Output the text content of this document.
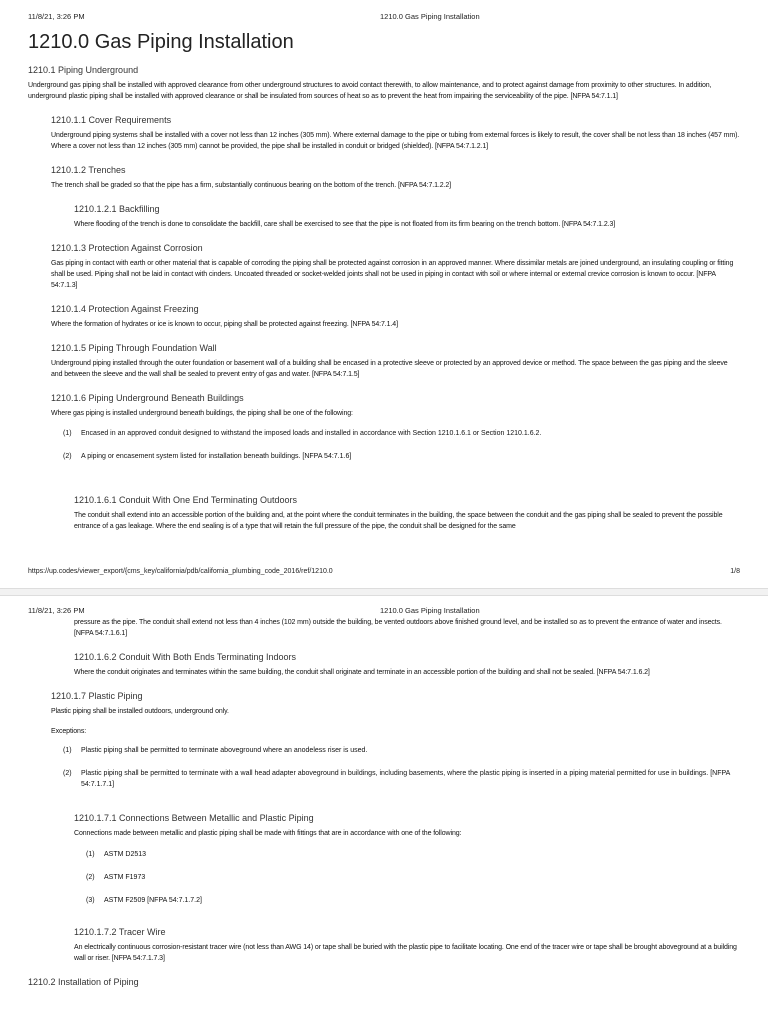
11/8/21, 3:26 PM	1210.0 Gas Piping Installation
1210.0 Gas Piping Installation
1210.1 Piping Underground
Underground gas piping shall be installed with approved clearance from other underground structures to avoid contact therewith, to allow maintenance, and to protect against damage from proximity to other structures. In addition, underground plastic piping shall be installed with approved clearance or shall be insulated from sources of heat so as to prevent the heat from impairing the serviceability of the pipe. [NFPA 54:7.1.1]
1210.1.1 Cover Requirements
Underground piping systems shall be installed with a cover not less than 12 inches (305 mm). Where external damage to the pipe or tubing from external forces is likely to result, the cover shall be not less than 18 inches (457 mm). Where a cover not less than 12 inches (305 mm) cannot be provided, the pipe shall be installed in conduit or bridged (shielded). [NFPA 54:7.1.2.1]
1210.1.2 Trenches
The trench shall be graded so that the pipe has a firm, substantially continuous bearing on the bottom of the trench. [NFPA 54:7.1.2.2]
1210.1.2.1 Backfilling
Where flooding of the trench is done to consolidate the backfill, care shall be exercised to see that the pipe is not floated from its firm bearing on the trench bottom. [NFPA 54:7.1.2.3]
1210.1.3 Protection Against Corrosion
Gas piping in contact with earth or other material that is capable of corroding the piping shall be protected against corrosion in an approved manner. Where dissimilar metals are joined underground, an insulating coupling or fitting shall be used. Piping shall not be laid in contact with cinders. Uncoated threaded or socket-welded joints shall not be used in piping in contact with soil or where internal or external crevice corrosion is known to occur. [NFPA 54:7.1.3]
1210.1.4 Protection Against Freezing
Where the formation of hydrates or ice is known to occur, piping shall be protected against freezing. [NFPA 54:7.1.4]
1210.1.5 Piping Through Foundation Wall
Underground piping installed through the outer foundation or basement wall of a building shall be encased in a protective sleeve or protected by an approved device or method. The space between the gas piping and the sleeve and between the sleeve and the wall shall be sealed to prevent entry of gas and water. [NFPA 54:7.1.5]
1210.1.6 Piping Underground Beneath Buildings
Where gas piping is installed underground beneath buildings, the piping shall be one of the following:
(1)	Encased in an approved conduit designed to withstand the imposed loads and installed in accordance with Section 1210.1.6.1 or Section 1210.1.6.2.
(2)	A piping or encasement system listed for installation beneath buildings. [NFPA 54:7.1.6]
1210.1.6.1 Conduit With One End Terminating Outdoors
The conduit shall extend into an accessible portion of the building and, at the point where the conduit terminates in the building, the space between the conduit and the gas piping shall be sealed to prevent the possible entrance of a gas leakage. Where the end sealing is of a type that will retain the full pressure of the pipe, the conduit shall be designed for the same
https://up.codes/viewer_export/{cms_key/california/pdb/california_plumbing_code_2016/ref/1210.0	1/8
11/8/21, 3:26 PM	1210.0 Gas Piping Installation
pressure as the pipe. The conduit shall extend not less than 4 inches (102 mm) outside the building, be vented outdoors above finished ground level, and be installed so as to prevent the entrance of water and insects. [NFPA 54:7.1.6.1]
1210.1.6.2 Conduit With Both Ends Terminating Indoors
Where the conduit originates and terminates within the same building, the conduit shall originate and terminate in an accessible portion of the building and shall not be sealed. [NFPA 54:7.1.6.2]
1210.1.7 Plastic Piping
Plastic piping shall be installed outdoors, underground only.
Exceptions:
(1)	Plastic piping shall be permitted to terminate aboveground where an anodeless riser is used.
(2)	Plastic piping shall be permitted to terminate with a wall head adapter aboveground in buildings, including basements, where the plastic piping is inserted in a piping material permitted for use in buildings. [NFPA 54:7.1.7.1]
1210.1.7.1 Connections Between Metallic and Plastic Piping
Connections made between metallic and plastic piping shall be made with fittings that are in accordance with one of the following:
(1)	ASTM D2513
(2)	ASTM F1973
(3)	ASTM F2509 [NFPA 54:7.1.7.2]
1210.1.7.2 Tracer Wire
An electrically continuous corrosion-resistant tracer wire (not less than AWG 14) or tape shall be buried with the plastic pipe to facilitate locating. One end of the tracer wire or tape shall be brought aboveground at a building wall or riser. [NFPA 54:7.1.7.3]
1210.2 Installation of Piping
